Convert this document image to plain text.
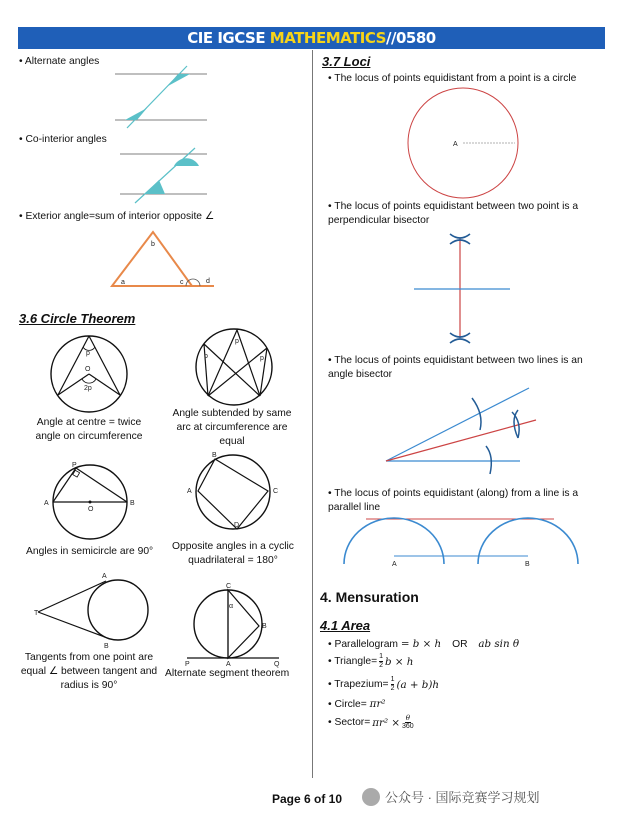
CIE IGCSE MATHEMATICS//0580
• Alternate angles
• Co-interior angles
• Exterior angle=sum of interior opposite ∠
b
a	c	d
3.6 Circle Theorem
p
O
2p
Angle at centre = twice angle on circumference
p
p
p
Angle subtended by same arc at circumference are equal
P
A	B
O
Angles in semicircle are 90°
B
A	C
D
Opposite angles in a cyclic quadrilateral = 180°
T
A
B
Tangents from one point are equal ∠ between tangent and radius is 90°
C
B
A
P	Q
α
Alternate segment theorem
3.7 Loci
• The locus of points equidistant from a point is a circle
A
• The locus of points equidistant between two point is a perpendicular bisector
• The locus of points equidistant between two lines is an angle bisector
• The locus of points equidistant (along) from a line is a parallel line
A	B
4. Mensuration
4.1 Area
• Parallelogram = b × h OR ab sin θ
• Triangle= $\frac{1}{2}$ b × h
• Trapezium= $\frac{1}{2} (a + b)h$
• Circle= πr²
• Sector= $\pi r^2 \times \frac{\theta}{360}$
Page 6 of 10	公众号 · 国际竞赛学习规划
